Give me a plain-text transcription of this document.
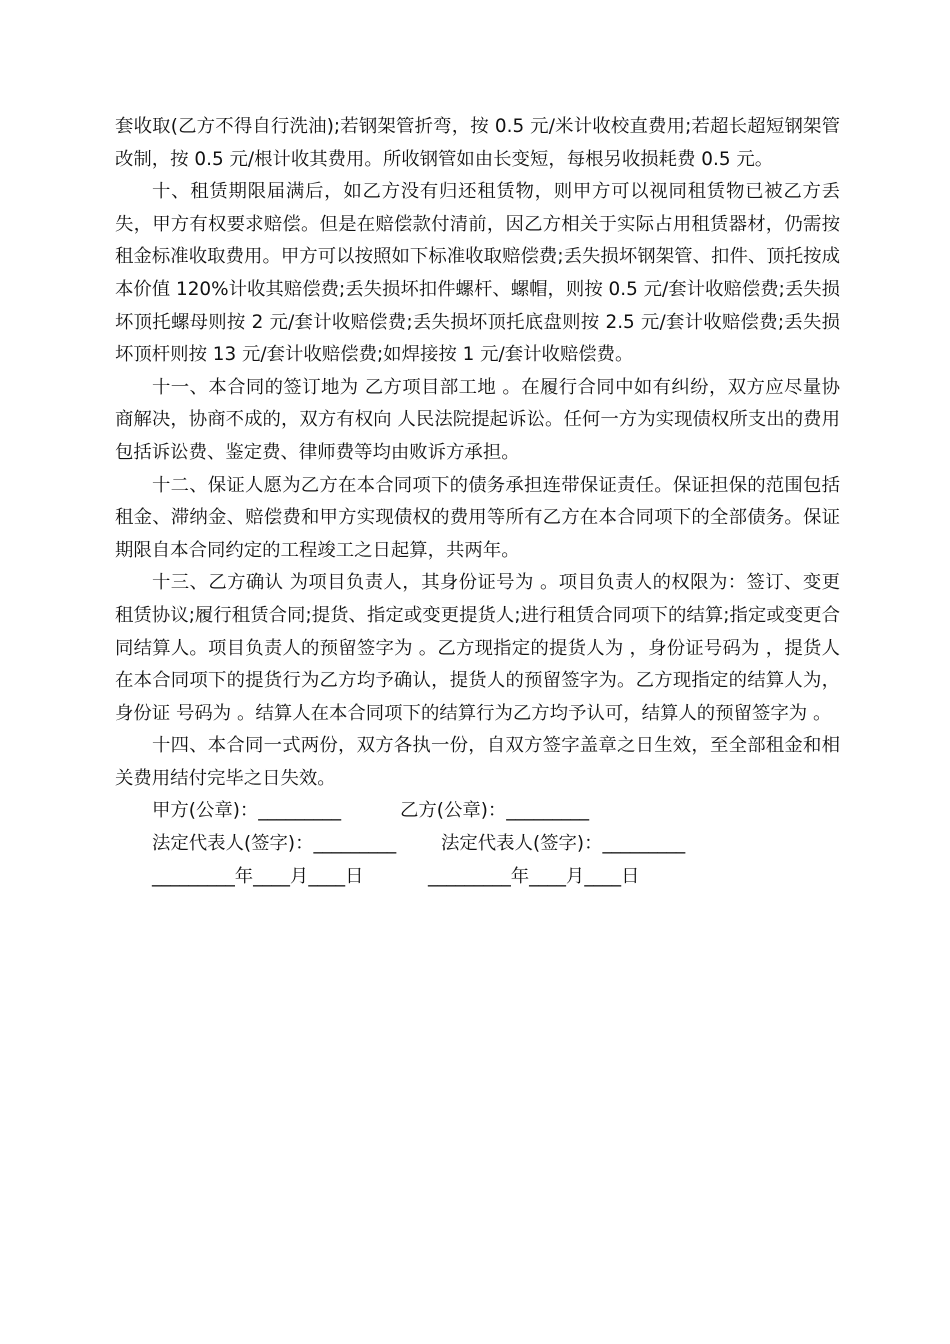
套收取(乙方不得自行洗油);若钢架管折弯，按 0.5 元/米计收校直费用;若超长超短钢架管改制，按 0.5 元/根计收其费用。所收钢管如由长变短，每根另收损耗费 0.5 元。

十、租赁期限届满后，如乙方没有归还租赁物，则甲方可以视同租赁物已被乙方丢失，甲方有权要求赔偿。但是在赔偿款付清前，因乙方相关于实际占用租赁器材，仍需按租金标准收取费用。甲方可以按照如下标准收取赔偿费;丢失损坏钢架管、扣件、顶托按成本价值 120%计收其赔偿费;丢失损坏扣件螺杆、螺帽，则按 0.5 元/套计收赔偿费;丢失损坏顶托螺母则按 2 元/套计收赔偿费;丢失损坏顶托底盘则按 2.5 元/套计收赔偿费;丢失损坏顶杆则按 13 元/套计收赔偿费;如焊接按 1 元/套计收赔偿费。

十一、本合同的签订地为 乙方项目部工地 。在履行合同中如有纠纷，双方应尽量协商解决，协商不成的，双方有权向 人民法院提起诉讼。任何一方为实现债权所支出的费用包括诉讼费、鉴定费、律师费等均由败诉方承担。

十二、保证人愿为乙方在本合同项下的债务承担连带保证责任。保证担保的范围包括租金、滞纳金、赔偿费和甲方实现债权的费用等所有乙方在本合同项下的全部债务。保证期限自本合同约定的工程竣工之日起算，共两年。

十三、乙方确认 为项目负责人，其身份证号为 。项目负责人的权限为：签订、变更租赁协议;履行租赁合同;提货、指定或变更提货人;进行租赁合同项下的结算;指定或变更合同结算人。项目负责人的预留签字为 。乙方现指定的提货人为 ，身份证号码为 ，提货人在本合同项下的提货行为乙方均予确认，提货人的预留签字为。乙方现指定的结算人为，身份证 号码为 。结算人在本合同项下的结算行为乙方均予认可，结算人的预留签字为 。

十四、本合同一式两份，双方各执一份，自双方签字盖章之日生效，至全部租金和相关费用结付完毕之日失效。

甲方(公章)：_________	乙方(公章)：_________
法定代表人(签字)：_________ 法定代表人(签字)：_________
_________年____月____日	_________年____月____日
